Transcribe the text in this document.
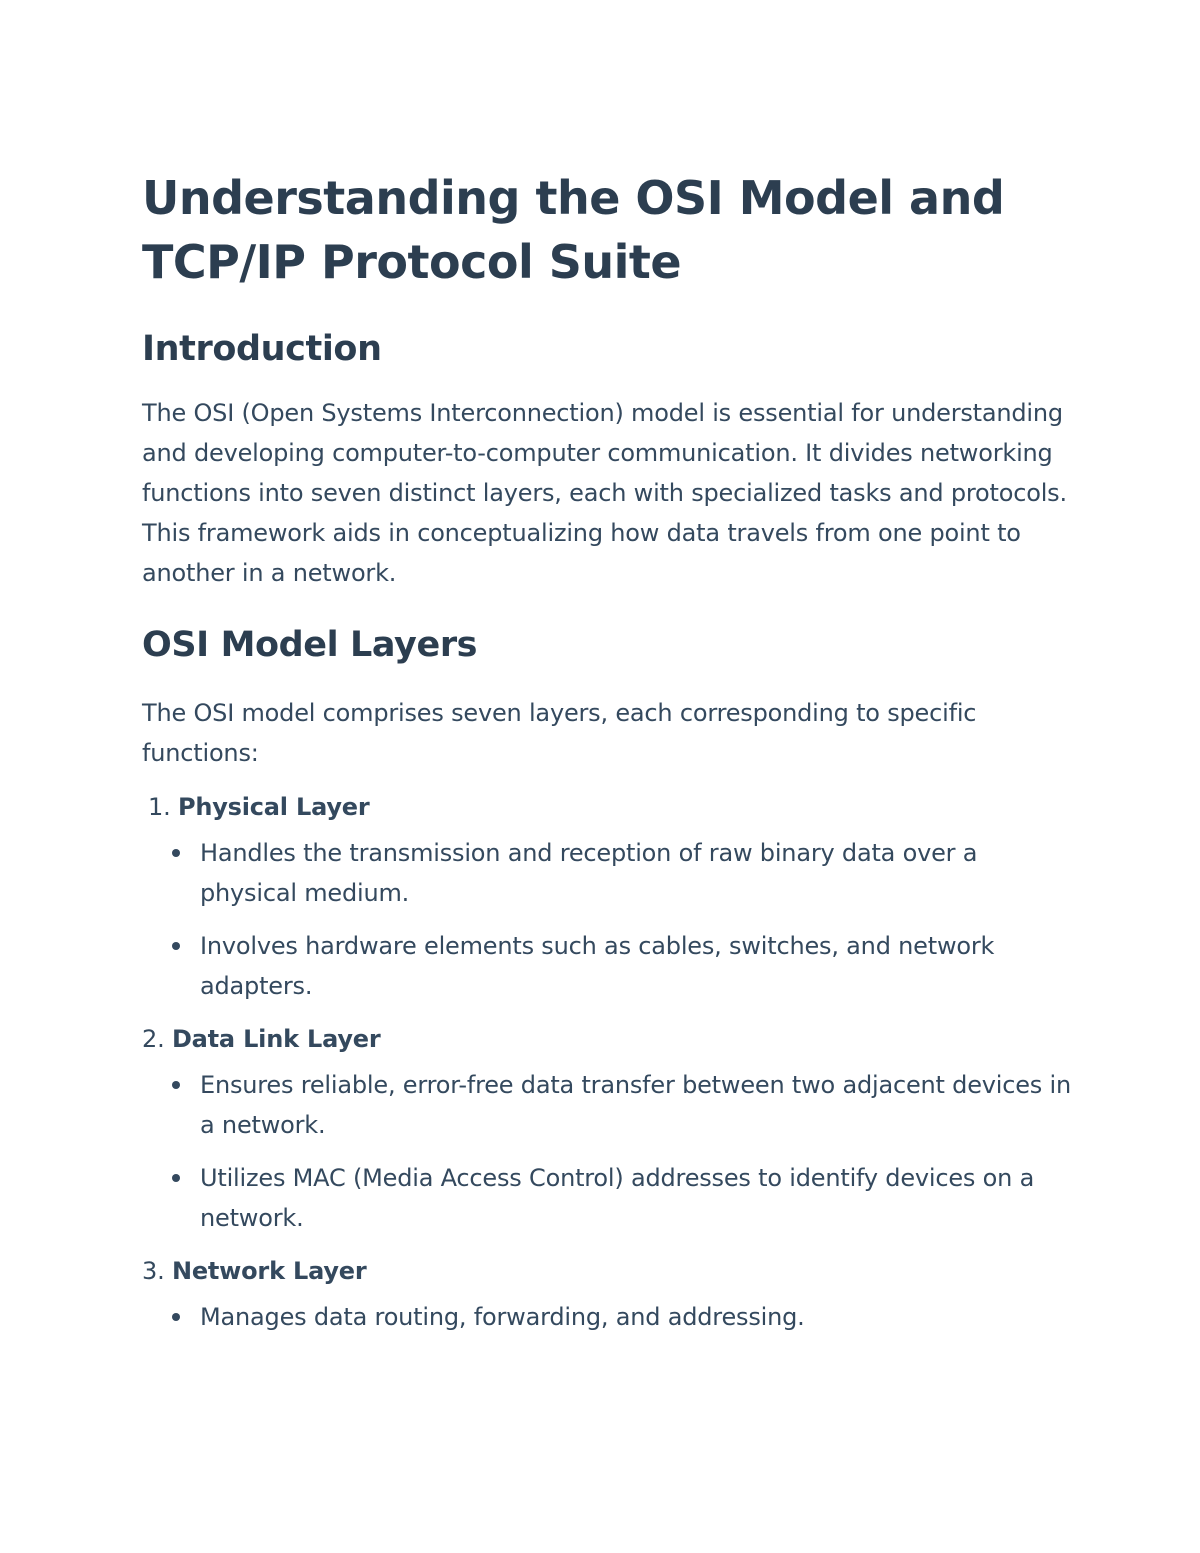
Understanding the OSI Model and TCP/IP Protocol Suite
Introduction

The OSI (Open Systems Interconnection) model is essential for understanding and developing computer-to-computer communication. It divides networking functions into seven distinct layers, each with specialized tasks and protocols. This framework aids in conceptualizing how data travels from one point to another in a network.

OSI Model Layers

The OSI model comprises seven layers, each corresponding to specific functions:

1. Physical Layer
Handles the transmission and reception of raw binary data over a physical medium.
Involves hardware elements such as cables, switches, and network adapters.
2. Data Link Layer
Ensures reliable, error-free data transfer between two adjacent devices in a network.
Utilizes MAC (Media Access Control) addresses to identify devices on a network.
3. Network Layer
Manages data routing, forwarding, and addressing.
